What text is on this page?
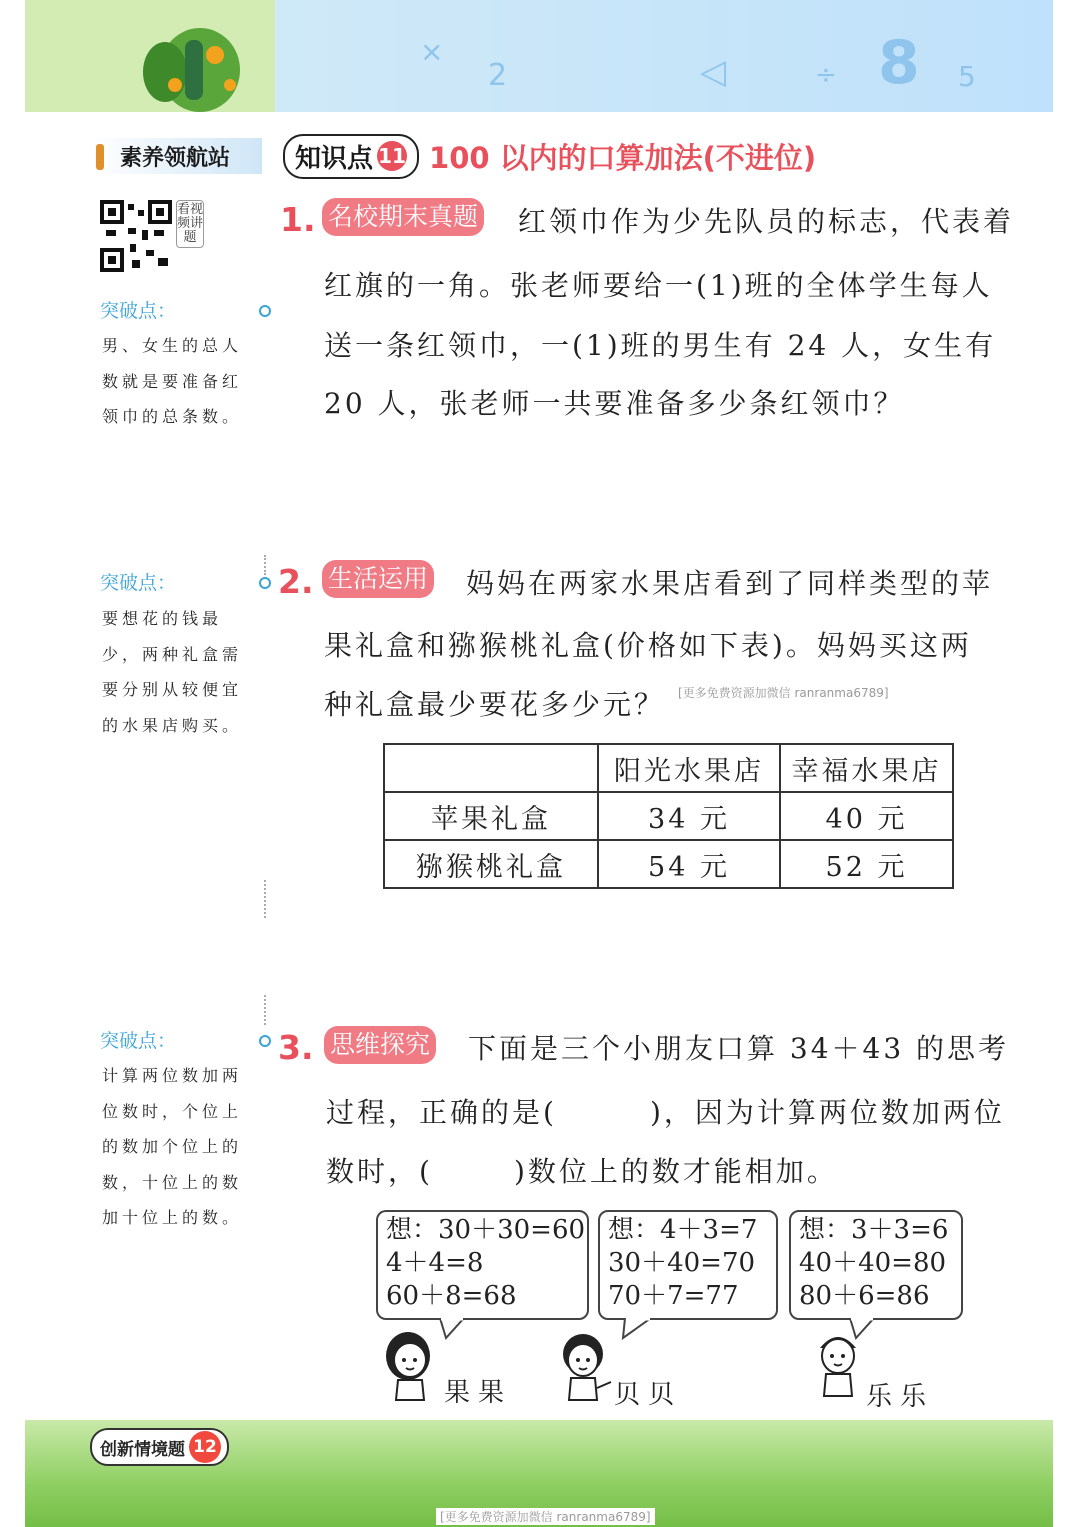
×
2	◁	÷ 8 5
素养领航站
看视频讲题
突破点：
男、女生的总人数就是要准备红领巾的总条数。
突破点：
要想花的钱最少，两种礼盒需要分别从较便宜的水果店购买。
突破点：
计算两位数加两位数时，个位上的数加个位上的数，十位上的数加十位上的数。
知识点 11 100 以内的口算加法(不进位)
1. 名校期末真题 红领巾作为少先队员的标志，代表着
红旗的一角。张老师要给一(1)班的全体学生每人
送一条红领巾，一(1)班的男生有 24 人，女生有
20 人，张老师一共要准备多少条红领巾？
2. 生活运用 妈妈在两家水果店看到了同样类型的苹
果礼盒和猕猴桃礼盒(价格如下表)。妈妈买这两
种礼盒最少要花多少元？ [更多免费资源加微信 ranranma6789]
	阳光水果店	幸福水果店
苹果礼盒	34 元	40 元
猕猴桃礼盒	54 元	52 元
3. 思维探究 下面是三个小朋友口算 34＋43 的思考
过程，正确的是(	)，因为计算两位数加两位
数时，(	)数位上的数才能相加。
想：30＋30=60
4＋4=8
60＋8=68
想：4＋3=7
30＋40=70
70＋7=77
想：3＋3=6
40＋40=80
80＋6=86
果果	贝贝	乐乐
创新情境题 12
[更多免费资源加微信 ranranma6789]
